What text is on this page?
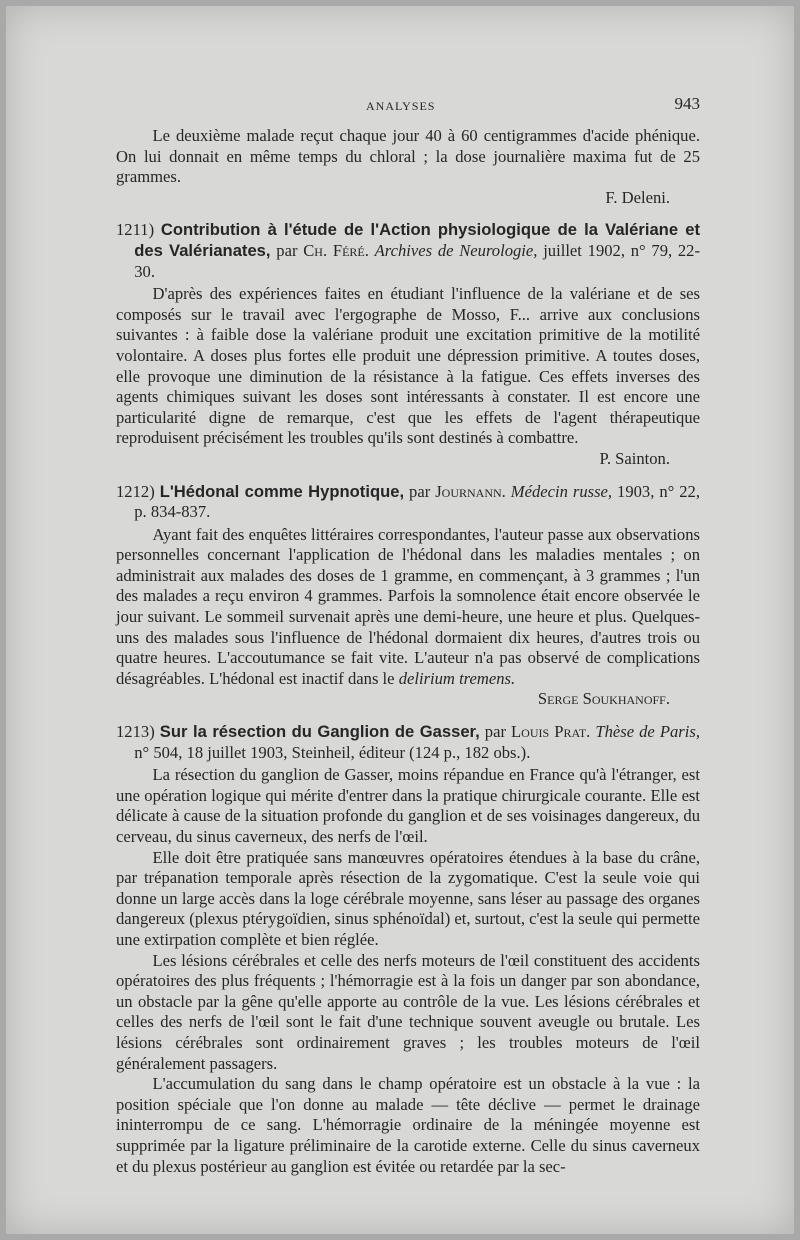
ANALYSES	943

Le deuxième malade reçut chaque jour 40 à 60 centigrammes d'acide phénique. On lui donnait en même temps du chloral ; la dose journalière maxima fut de 25 grammes.

F. Deleni.

1211) Contribution à l'étude de l'Action physiologique de la Valériane et des Valérianates, par Ch. Féré. Archives de Neurologie, juillet 1902, n° 79, 22-30.

D'après des expériences faites en étudiant l'influence de la valériane et de ses composés sur le travail avec l'ergographe de Mosso, F... arrive aux conclusions suivantes : à faible dose la valériane produit une excitation primitive de la motilité volontaire. A doses plus fortes elle produit une dépression primitive. A toutes doses, elle provoque une diminution de la résistance à la fatigue. Ces effets inverses des agents chimiques suivant les doses sont intéressants à constater. Il est encore une particularité digne de remarque, c'est que les effets de l'agent thérapeutique reproduisent précisément les troubles qu'ils sont destinés à combattre.

P. Sainton.

1212) L'Hédonal comme Hypnotique, par Journann. Médecin russe, 1903, n° 22, p. 834-837.

Ayant fait des enquêtes littéraires correspondantes, l'auteur passe aux observations personnelles concernant l'application de l'hédonal dans les maladies mentales ; on administrait aux malades des doses de 1 gramme, en commençant, à 3 grammes ; l'un des malades a reçu environ 4 grammes. Parfois la somnolence était encore observée le jour suivant. Le sommeil survenait après une demi-heure, une heure et plus. Quelques-uns des malades sous l'influence de l'hédonal dormaient dix heures, d'autres trois ou quatre heures. L'accoutumance se fait vite. L'auteur n'a pas observé de complications désagréables. L'hédonal est inactif dans le delirium tremens.
Serge Soukhanoff.

1213) Sur la résection du Ganglion de Gasser, par Louis Prat. Thèse de Paris, n° 504, 18 juillet 1903, Steinheil, éditeur (124 p., 182 obs.).

La résection du ganglion de Gasser, moins répandue en France qu'à l'étranger, est une opération logique qui mérite d'entrer dans la pratique chirurgicale courante. Elle est délicate à cause de la situation profonde du ganglion et de ses voisinages dangereux, du cerveau, du sinus caverneux, des nerfs de l'œil.

Elle doit être pratiquée sans manœuvres opératoires étendues à la base du crâne, par trépanation temporale après résection de la zygomatique. C'est la seule voie qui donne un large accès dans la loge cérébrale moyenne, sans léser au passage des organes dangereux (plexus ptérygoïdien, sinus sphénoïdal) et, surtout, c'est la seule qui permette une extirpation complète et bien réglée.

Les lésions cérébrales et celle des nerfs moteurs de l'œil constituent des accidents opératoires des plus fréquents ; l'hémorragie est à la fois un danger par son abondance, un obstacle par la gêne qu'elle apporte au contrôle de la vue. Les lésions cérébrales et celles des nerfs de l'œil sont le fait d'une technique souvent aveugle ou brutale. Les lésions cérébrales sont ordinairement graves ; les troubles moteurs de l'œil généralement passagers.

L'accumulation du sang dans le champ opératoire est un obstacle à la vue : la position spéciale que l'on donne au malade — tête déclive — permet le drainage ininterrompu de ce sang. L'hémorragie ordinaire de la méningée moyenne est supprimée par la ligature préliminaire de la carotide externe. Celle du sinus caverneux et du plexus postérieur au ganglion est évitée ou retardée par la sec-
